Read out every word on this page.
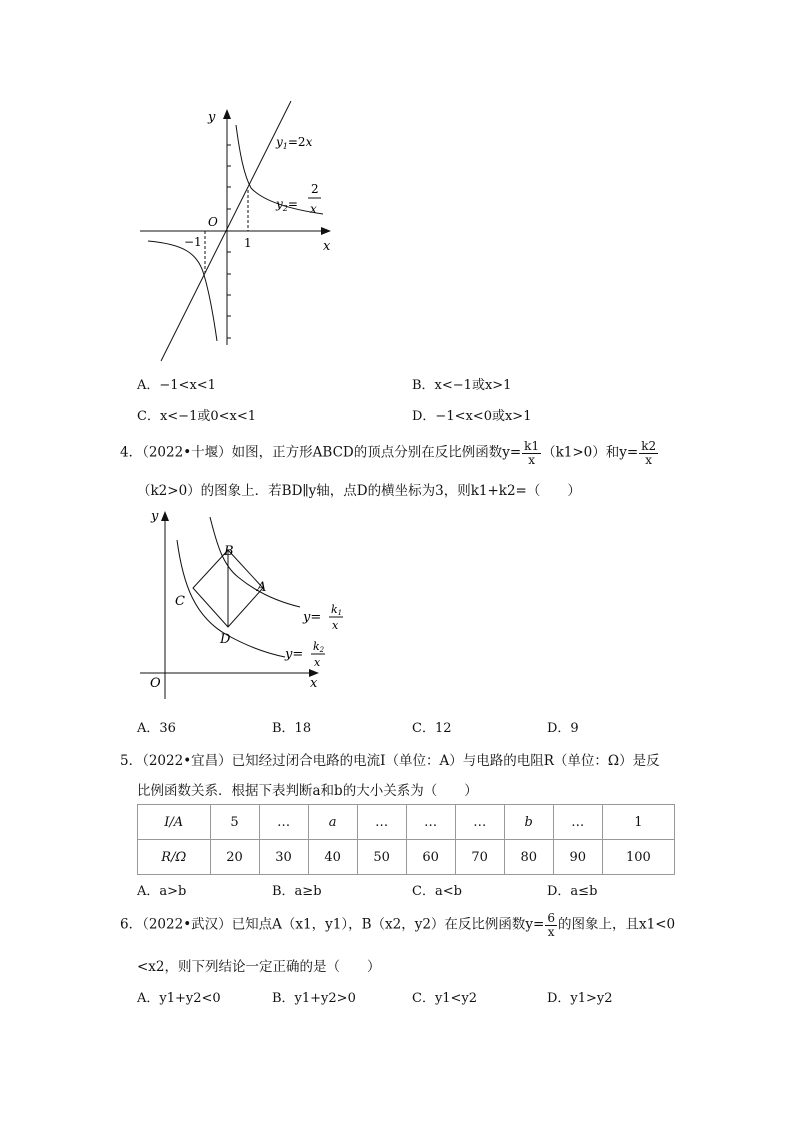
y
x
O
−1	1
$y_1=2x$
$y_2=$
2
x
A．−1<x<1	B．x<−1或x>1
C．x<−1或0<x<1	D．−1<x<0或x>1
4．（2022•十堰）如图，正方形ABCD的顶点分别在反比例函数$y= \frac{k1}{x} (k1>0)$和$y= \frac{k2}{x}$
（k2>0）的图象上．若BD∥y轴，点D的横坐标为3，则k1+k2=（　　）
y
x
O
B
A
C
D
y=
k1
x
y=
k2
x
A．36	B．18	C．12	D．9
5．（2022•宜昌）已知经过闭合电路的电流I（单位：A）与电路的电阻R（单位：Ω）是反
比例函数关系．根据下表判断a和b的大小关系为（　　）
I/A	5	…	a	…	…	…	b	…	1
R/Ω	20	30	40	50	60	70	80	90	100
A．a>b	B．a≥b	C．a<b	D．a≤b
6．（2022•武汉）已知点A（x1，y1），B（x2，y2）在反比例函数$y= \frac{6}{x}$ 的图象上，且x1<0
<x2，则下列结论一定正确的是（　　）
A．y1+y2<0	B．y1+y2>0	C．y1<y2	D．y1>y2
